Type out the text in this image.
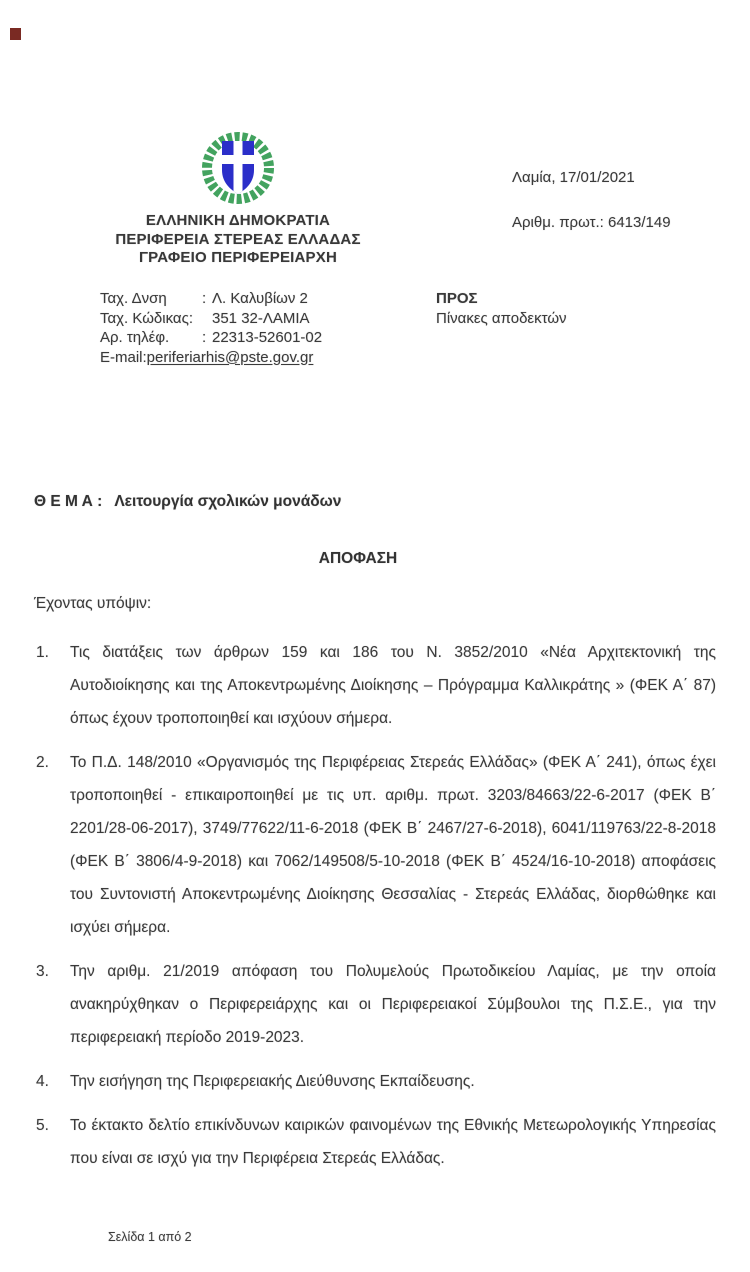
ΕΛΛΗΝΙΚΗ ΔΗΜΟΚΡΑΤΙΑ
ΠΕΡΙΦΕΡΕΙΑ ΣΤΕΡΕΑΣ ΕΛΛΑΔΑΣ
ΓΡΑΦΕΙΟ ΠΕΡΙΦΕΡΕΙΑΡΧΗ
Λαμία, 17/01/2021
Αριθμ. πρωτ.: 6413/149
Ταχ. Δνση	: Λ. Καλυβίων 2
Ταχ. Κώδικας:	351 32-ΛΑΜΙΑ
Αρ. τηλέφ.	: 22313-52601-02
E-mail: periferiarhis@pste.gov.gr
ΠΡΟΣ
Πίνακες αποδεκτών
Θ Ε Μ Α : Λειτουργία σχολικών μονάδων
ΑΠΟΦΑΣΗ
Έχοντας υπόψιν:
1.	Τις διατάξεις των άρθρων 159 και 186 του Ν. 3852/2010 «Νέα Αρχιτεκτονική της Αυτοδιοίκησης και της Αποκεντρωμένης Διοίκησης – Πρόγραμμα Καλλικράτης » (ΦΕΚ Α΄ 87) όπως έχουν τροποποιηθεί και ισχύουν σήμερα.
2.	Το Π.Δ. 148/2010 «Οργανισμός της Περιφέρειας Στερεάς Ελλάδας» (ΦΕΚ Α΄ 241), όπως έχει τροποποιηθεί - επικαιροποιηθεί με τις υπ. αριθμ. πρωτ. 3203/84663/22-6-2017 (ΦΕΚ Β΄ 2201/28-06-2017), 3749/77622/11-6-2018 (ΦΕΚ Β΄ 2467/27-6-2018), 6041/119763/22-8-2018 (ΦΕΚ Β΄ 3806/4-9-2018) και 7062/149508/5-10-2018 (ΦΕΚ Β΄ 4524/16-10-2018) αποφάσεις του Συντονιστή Αποκεντρωμένης Διοίκησης Θεσσαλίας - Στερεάς Ελλάδας, διορθώθηκε και ισχύει σήμερα.
3.	Την αριθμ. 21/2019 απόφαση του Πολυμελούς Πρωτοδικείου Λαμίας, με την οποία ανακηρύχθηκαν ο Περιφερειάρχης και οι Περιφερειακοί Σύμβουλοι της Π.Σ.Ε., για την περιφερειακή περίοδο 2019-2023.
4.	Την εισήγηση της Περιφερειακής Διεύθυνσης Εκπαίδευσης.
5.	Το έκτακτο δελτίο επικίνδυνων καιρικών φαινομένων της Εθνικής Μετεωρολογικής Υπηρεσίας που είναι σε ισχύ για την Περιφέρεια Στερεάς Ελλάδας.
Σελίδα 1 από 2
